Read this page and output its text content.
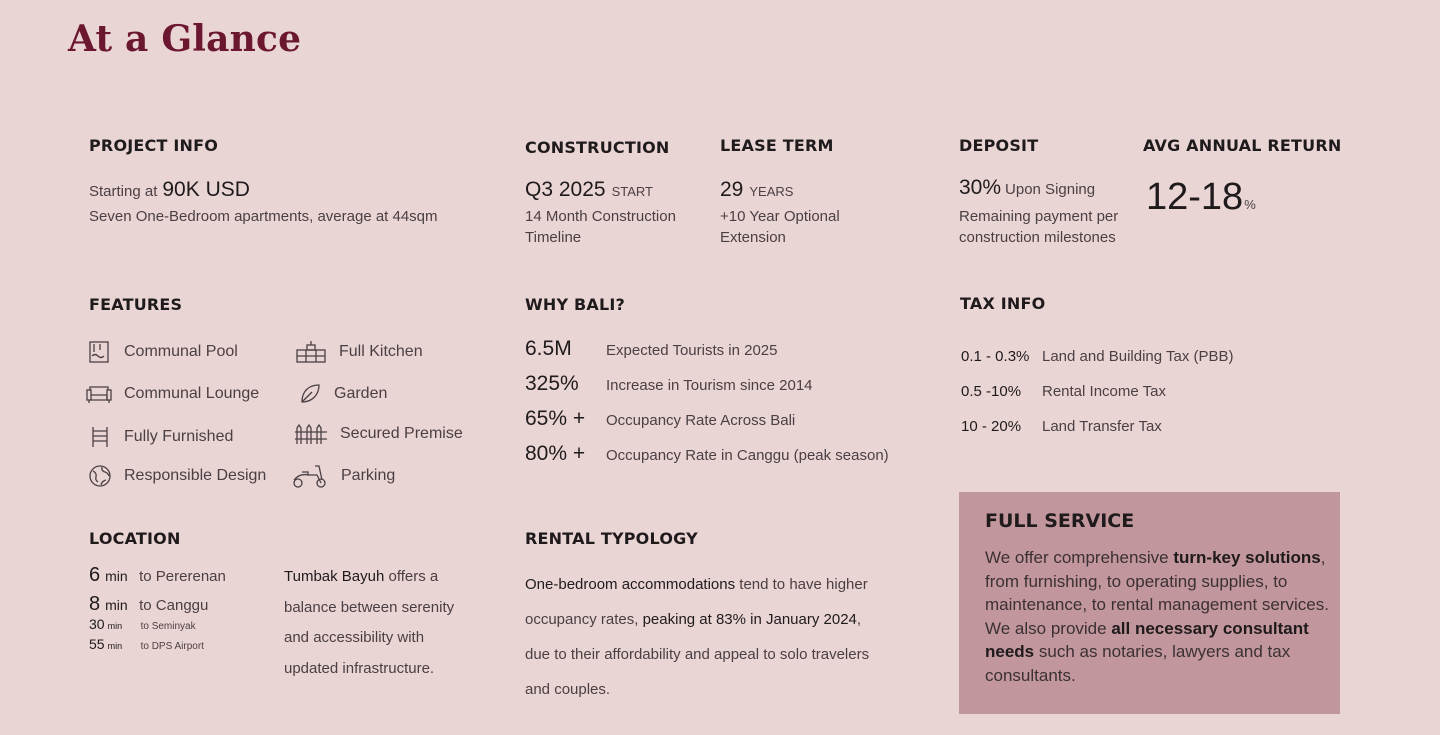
At a Glance
PROJECT INFO
Starting at 90K USD
Seven One-Bedroom apartments, average at 44sqm
CONSTRUCTION
Q3 2025 START
14 Month Construction
Timeline
LEASE TERM
29 YEARS
+10 Year Optional
Extension
DEPOSIT
30% Upon Signing
Remaining payment per
construction milestones
AVG ANNUAL RETURN
12-18 %
FEATURES
Communal Pool	Full Kitchen
Communal Lounge	Garden
Fully Furnished	Secured Premise
Responsible Design	Parking
WHY BALI?
6.5M	Expected Tourists in 2025
325%	Increase in Tourism since 2014
65% +	Occupancy Rate Across Bali
80% +	Occupancy Rate in Canggu (peak season)
TAX INFO
0.1 - 0.3% Land and Building Tax (PBB)
0.5 -10%	Rental Income Tax
10 - 20%	Land Transfer Tax
LOCATION
6 min to Pererenan
8 min to Canggu
30 min	to Seminyak
55 min	to DPS Airport
Tumbak Bayuh offers a
balance between serenity
and accessibility with
updated infrastructure.
RENTAL TYPOLOGY
One-bedroom accommodations tend to have higher
occupancy rates, peaking at 83% in January 2024,
due to their affordability and appeal to solo travelers
and couples.
FULL SERVICE
We offer comprehensive turn-key solutions,
from furnishing, to operating supplies, to
maintenance, to rental management services.
We also provide all necessary consultant
needs such as notaries, lawyers and tax
consultants.
